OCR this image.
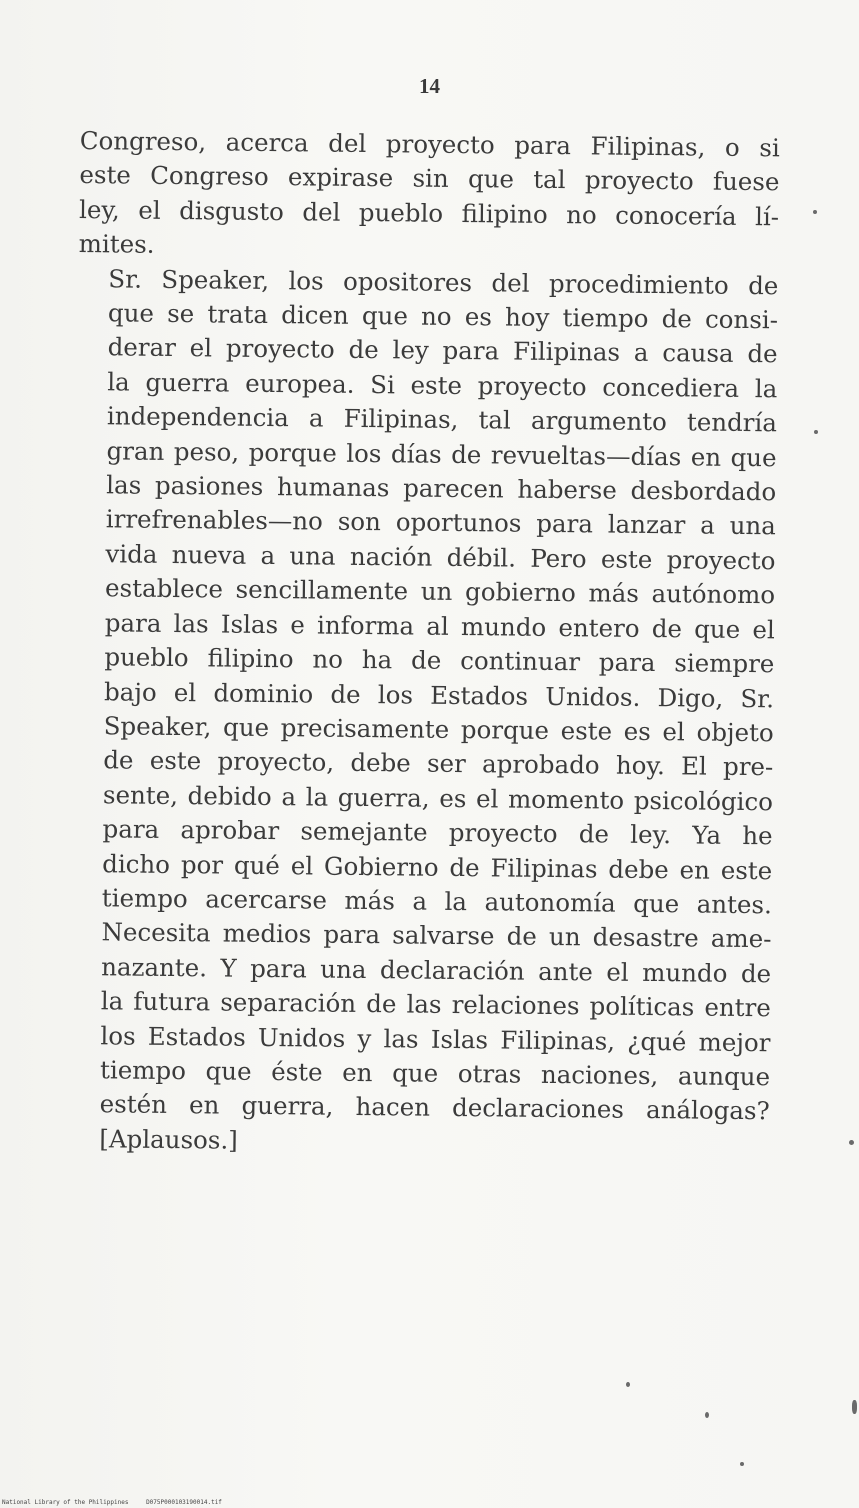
14

Congreso, acerca del proyecto para Filipinas, o si
este Congreso expirase sin que tal proyecto fuese
ley, el disgusto del pueblo filipino no conocería lí-
mites.

Sr. Speaker, los opositores del procedimiento de
que se trata dicen que no es hoy tiempo de consi-
derar el proyecto de ley para Filipinas a causa de
la guerra europea. Si este proyecto concediera la
independencia a Filipinas, tal argumento tendría
gran peso, porque los días de revueltas—días en que
las pasiones humanas parecen haberse desbordado
irrefrenables—no son oportunos para lanzar a una
vida nueva a una nación débil. Pero este proyecto
establece sencillamente un gobierno más autónomo
para las Islas e informa al mundo entero de que el
pueblo filipino no ha de continuar para siempre
bajo el dominio de los Estados Unidos. Digo, Sr.
Speaker, que precisamente porque este es el objeto
de este proyecto, debe ser aprobado hoy. El pre-
sente, debido a la guerra, es el momento psicológico
para aprobar semejante proyecto de ley. Ya he
dicho por qué el Gobierno de Filipinas debe en este
tiempo acercarse más a la autonomía que antes.
Necesita medios para salvarse de un desastre ame-
nazante. Y para una declaración ante el mundo de
la futura separación de las relaciones políticas entre
los Estados Unidos y las Islas Filipinas, ¿qué mejor
tiempo que éste en que otras naciones, aunque
estén en guerra, hacen declaraciones análogas?
[Aplausos.]

National Library of the Philippines	D075P000103190014.tif
